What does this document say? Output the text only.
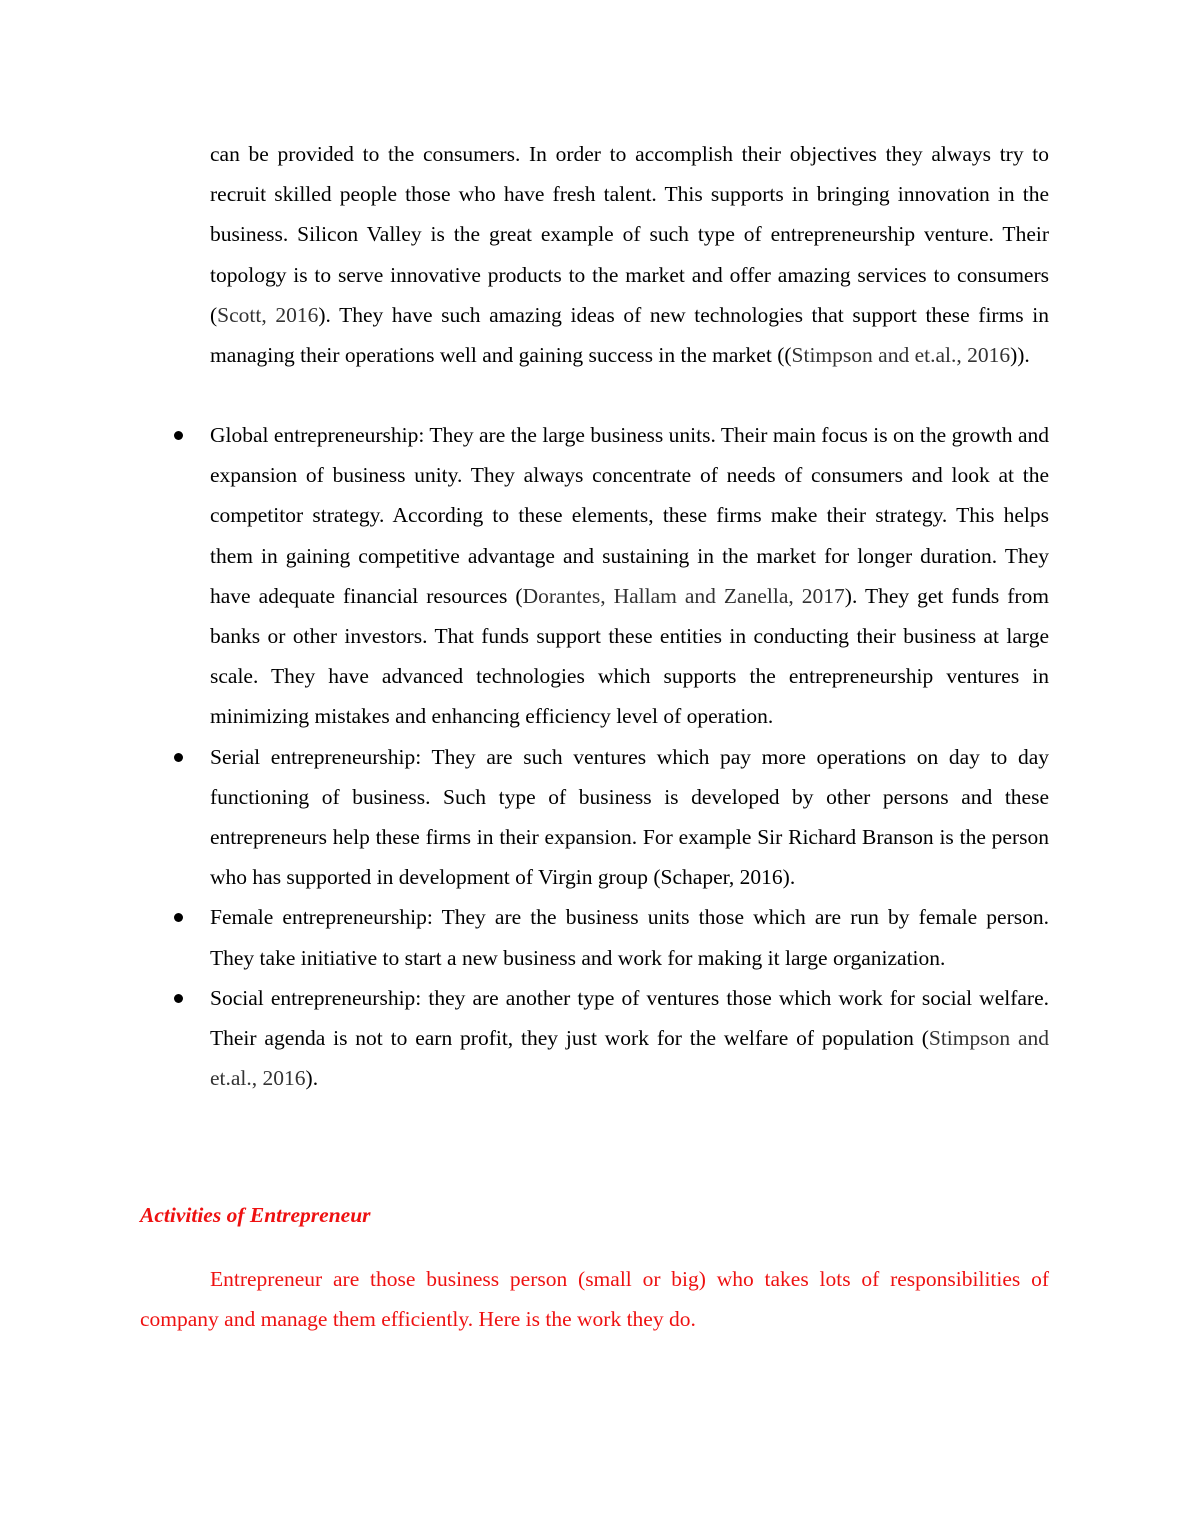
can be provided to the consumers. In order to accomplish their objectives they always try to recruit skilled people those who have fresh talent. This supports in bringing innovation in the business. Silicon Valley is the great example of such type of entrepreneurship venture. Their topology is to serve innovative products to the market and offer amazing services to consumers (Scott, 2016). They have such amazing ideas of new technologies that support these firms in managing their operations well and gaining success in the market ((Stimpson and et.al., 2016)).

Global entrepreneurship: They are the large business units. Their main focus is on the growth and expansion of business unity. They always concentrate of needs of consumers and look at the competitor strategy. According to these elements, these firms make their strategy. This helps them in gaining competitive advantage and sustaining in the market for longer duration. They have adequate financial resources (Dorantes, Hallam and Zanella, 2017). They get funds from banks or other investors. That funds support these entities in conducting their business at large scale. They have advanced technologies which supports the entrepreneurship ventures in minimizing mistakes and enhancing efficiency level of operation.
Serial entrepreneurship: They are such ventures which pay more operations on day to day functioning of business. Such type of business is developed by other persons and these entrepreneurs help these firms in their expansion. For example Sir Richard Branson is the person who has supported in development of Virgin group (Schaper, 2016).
Female entrepreneurship: They are the business units those which are run by female person. They take initiative to start a new business and work for making it large organization.
Social entrepreneurship: they are another type of ventures those which work for social welfare. Their agenda is not to earn profit, they just work for the welfare of population (Stimpson and et.al., 2016).
Activities of Entrepreneur

Entrepreneur are those business person (small or big) who takes lots of responsibilities of company and manage them efficiently. Here is the work they do.
